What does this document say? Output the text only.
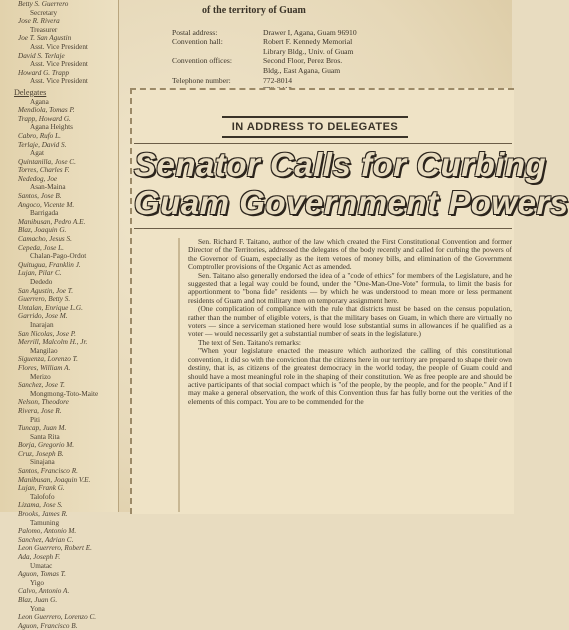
Betty S. Guerrero
Secretary
Jose R. Rivera
Treasurer
Joe T. San Agustin
Asst. Vice President
David S. Terlaje
Asst. Vice President
Howard G. Trapp
Asst. Vice President
Delegates
Agana
Mendiola, Tomas P.
Trapp, Howard G.
Agana Heights
Cabro, Rufo L.
Terlaje, David S.
Agat
Quintanilla, Jose C.
Torres, Charles F.
Nededog, Joe
Asan-Maina
Santos, Jose B.
Angoco, Vicente M.
Barrigada
Manibusan, Pedro A.E.
Blaz, Joaquin G.
Camacho, Jesus S.
Cepeda, Jose L.
Chalan-Pago-Ordot
Quitugua, Franklin J.
Lujan, Pilar C.
Dededo
San Agustin, Joe T.
Guerrero, Betty S.
Untalan, Enrique L.G.
Garrido, Jose M.
Inarajan
San Nicolas, Jose P.
Merrill, Malcolm H., Jr.
Mangilao
Siguenza, Lorenzo T.
Flores, William A.
Merizo
Sanchez, Jose T.
Mongmong-Toto-Maite
Nelson, Theodore
Rivera, Jose R.
Piti
Tuncap, Juan M.
Santa Rita
Borja, Gregorio M.
Cruz, Joseph B.
Sinajana
Santos, Francisco R.
Manibusan, Joaquin V.E.
Lujan, Frank G.
Talofofo
Lizama, Jose S.
Brooks, James R.
Tamuning
Palomo, Antonio M.
Sanchez, Adrian C.
Leon Guerrero, Robert E.
Ada, Joseph F.
Umatac
Aguon, Tomas T.
Yigo
Calvo, Antonio A.
Blaz, Juan G.
Yona
Leon Guerrero, Lorenzo C.
Aguon, Francisco B.
of the territory of Guam
Postal address:	Drawer I, Agana, Guam 96910
Convention hall:	Robert F. Kennedy Memorial
Library Bldg., Univ. of Guam
Convention offices:	Second Floor, Perez Bros.
Bldg., East Agana, Guam
Telephone number:	772-8014
IN ADDRESS TO DELEGATES
Senator Calls for Curbing
Guam Government Powers

Sen. Richard F. Taitano, author of the law which created the First Constitutional Convention and former Director of the Territories, addressed the delegates of the body recently and called for curbing the powers of the Governor of Guam, especially as the item vetoes of money bills, and elimination of the Government Comptroller provisions of the Organic Act as amended.

Sen. Taitano also generally endorsed the idea of a "code of ethics" for members of the Legislature, and he suggested that a legal way could be found, under the "One-Man-One-Vote" formula, to limit the basis for apportionment to "bona fide" residents — by which he was understood to mean more or less permanent residents of Guam and not military men on temporary assignment here.

(One complication of compliance with the rule that districts must be based on the census population, rather than the number of eligible voters, is that the military bases on Guam, in which there are virtually no voters — since a serviceman stationed here would lose substantial sums in allowances if he qualified as a voter — would necessarily get a substantial number of seats in the legislature.)

The text of Sen. Taitano's remarks:

"When your legislature enacted the measure which authorized the calling of this constitutional convention, it did so with the conviction that the citizens here in our territory are prepared to shape their own destiny, that is, as citizens of the greatest democracy in the world today, the people of Guam could and should have a most meaningful role in the shaping of their constitution. We as free people are and should be active participants of that social compact which is "of the people, by the people, and for the people." And if I may make a general observation, the work of this Convention thus far has fully borne out the verities of the elements of this compact. You are to be commended for the
